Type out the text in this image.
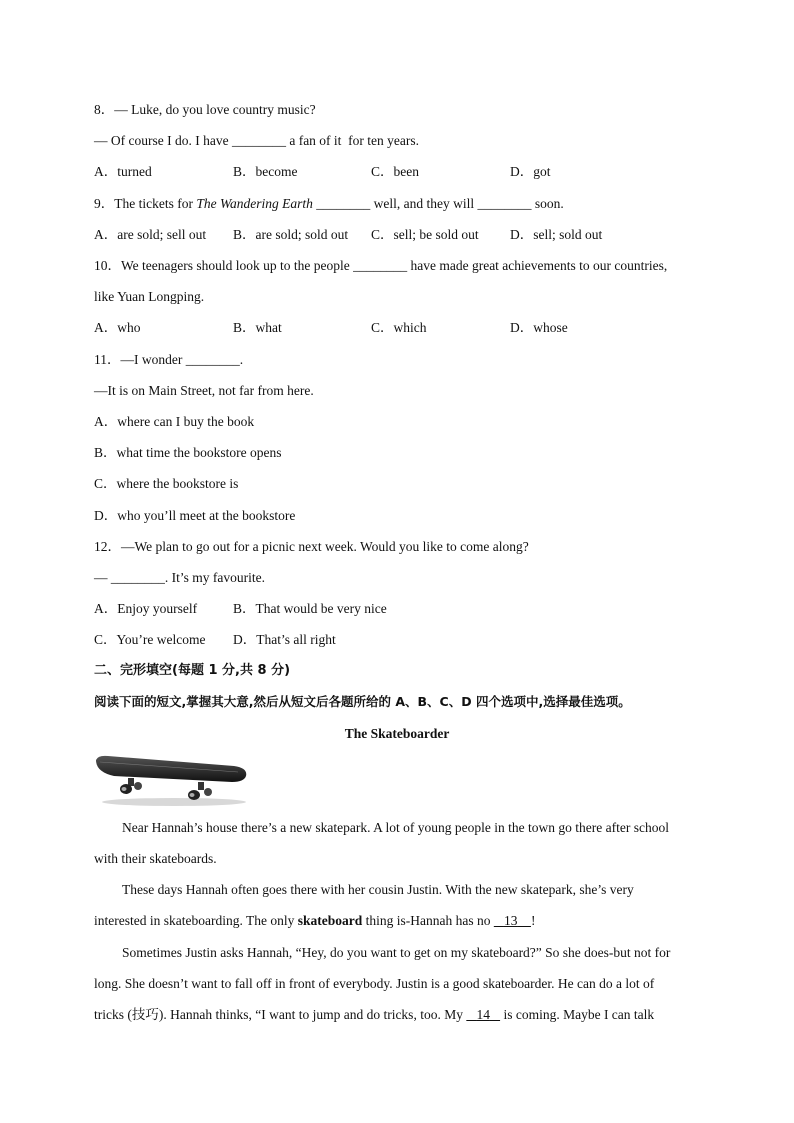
8．— Luke, do you love country music?
— Of course I do. I have ________ a fan of it  for ten years.
A．turned	B．become	C．been	D．got
9．The tickets for The Wandering Earth ________ well, and they will ________ soon.
A．are sold; sell out B．are sold; sold out C．sell; be sold out D．sell; sold out
10．We teenagers should look up to the people ________ have made great achievements to our countries,
like Yuan Longping.
A．who	B．what	C．which	D．whose
11．—I wonder ________.
—It is on Main Street, not far from here.
A．where can I buy the book
B．what time the bookstore opens
C．where the bookstore is
D．who you’ll meet at the bookstore
12．—We plan to go out for a picnic next week. Would you like to come along?
— ________. It’s my favourite.
A．Enjoy yourself	B．That would be very nice
C．You’re welcome D．That’s all right
二、完形填空(每题 1 分,共 8 分)
阅读下面的短文,掌握其大意,然后从短文后各题所给的 A、B、C、D 四个选项中,选择最佳选项。
The Skateboarder
Near Hannah’s house there’s a new skatepark. A lot of young people in the town go there after school
with their skateboards.
These days Hannah often goes there with her cousin Justin. With the new skatepark, she’s very
interested in skateboarding. The only skateboard thing is-Hannah has no    13 !
Sometimes Justin asks Hannah, “Hey, do you want to get on my skateboard?” So she does-but not for
long. She doesn’t want to fall off in front of everybody. Justin is a good skateboarder. He can do a lot of
tricks (技巧). Hannah thinks, “I want to jump and do tricks, too. My    14    is coming. Maybe I can talk
